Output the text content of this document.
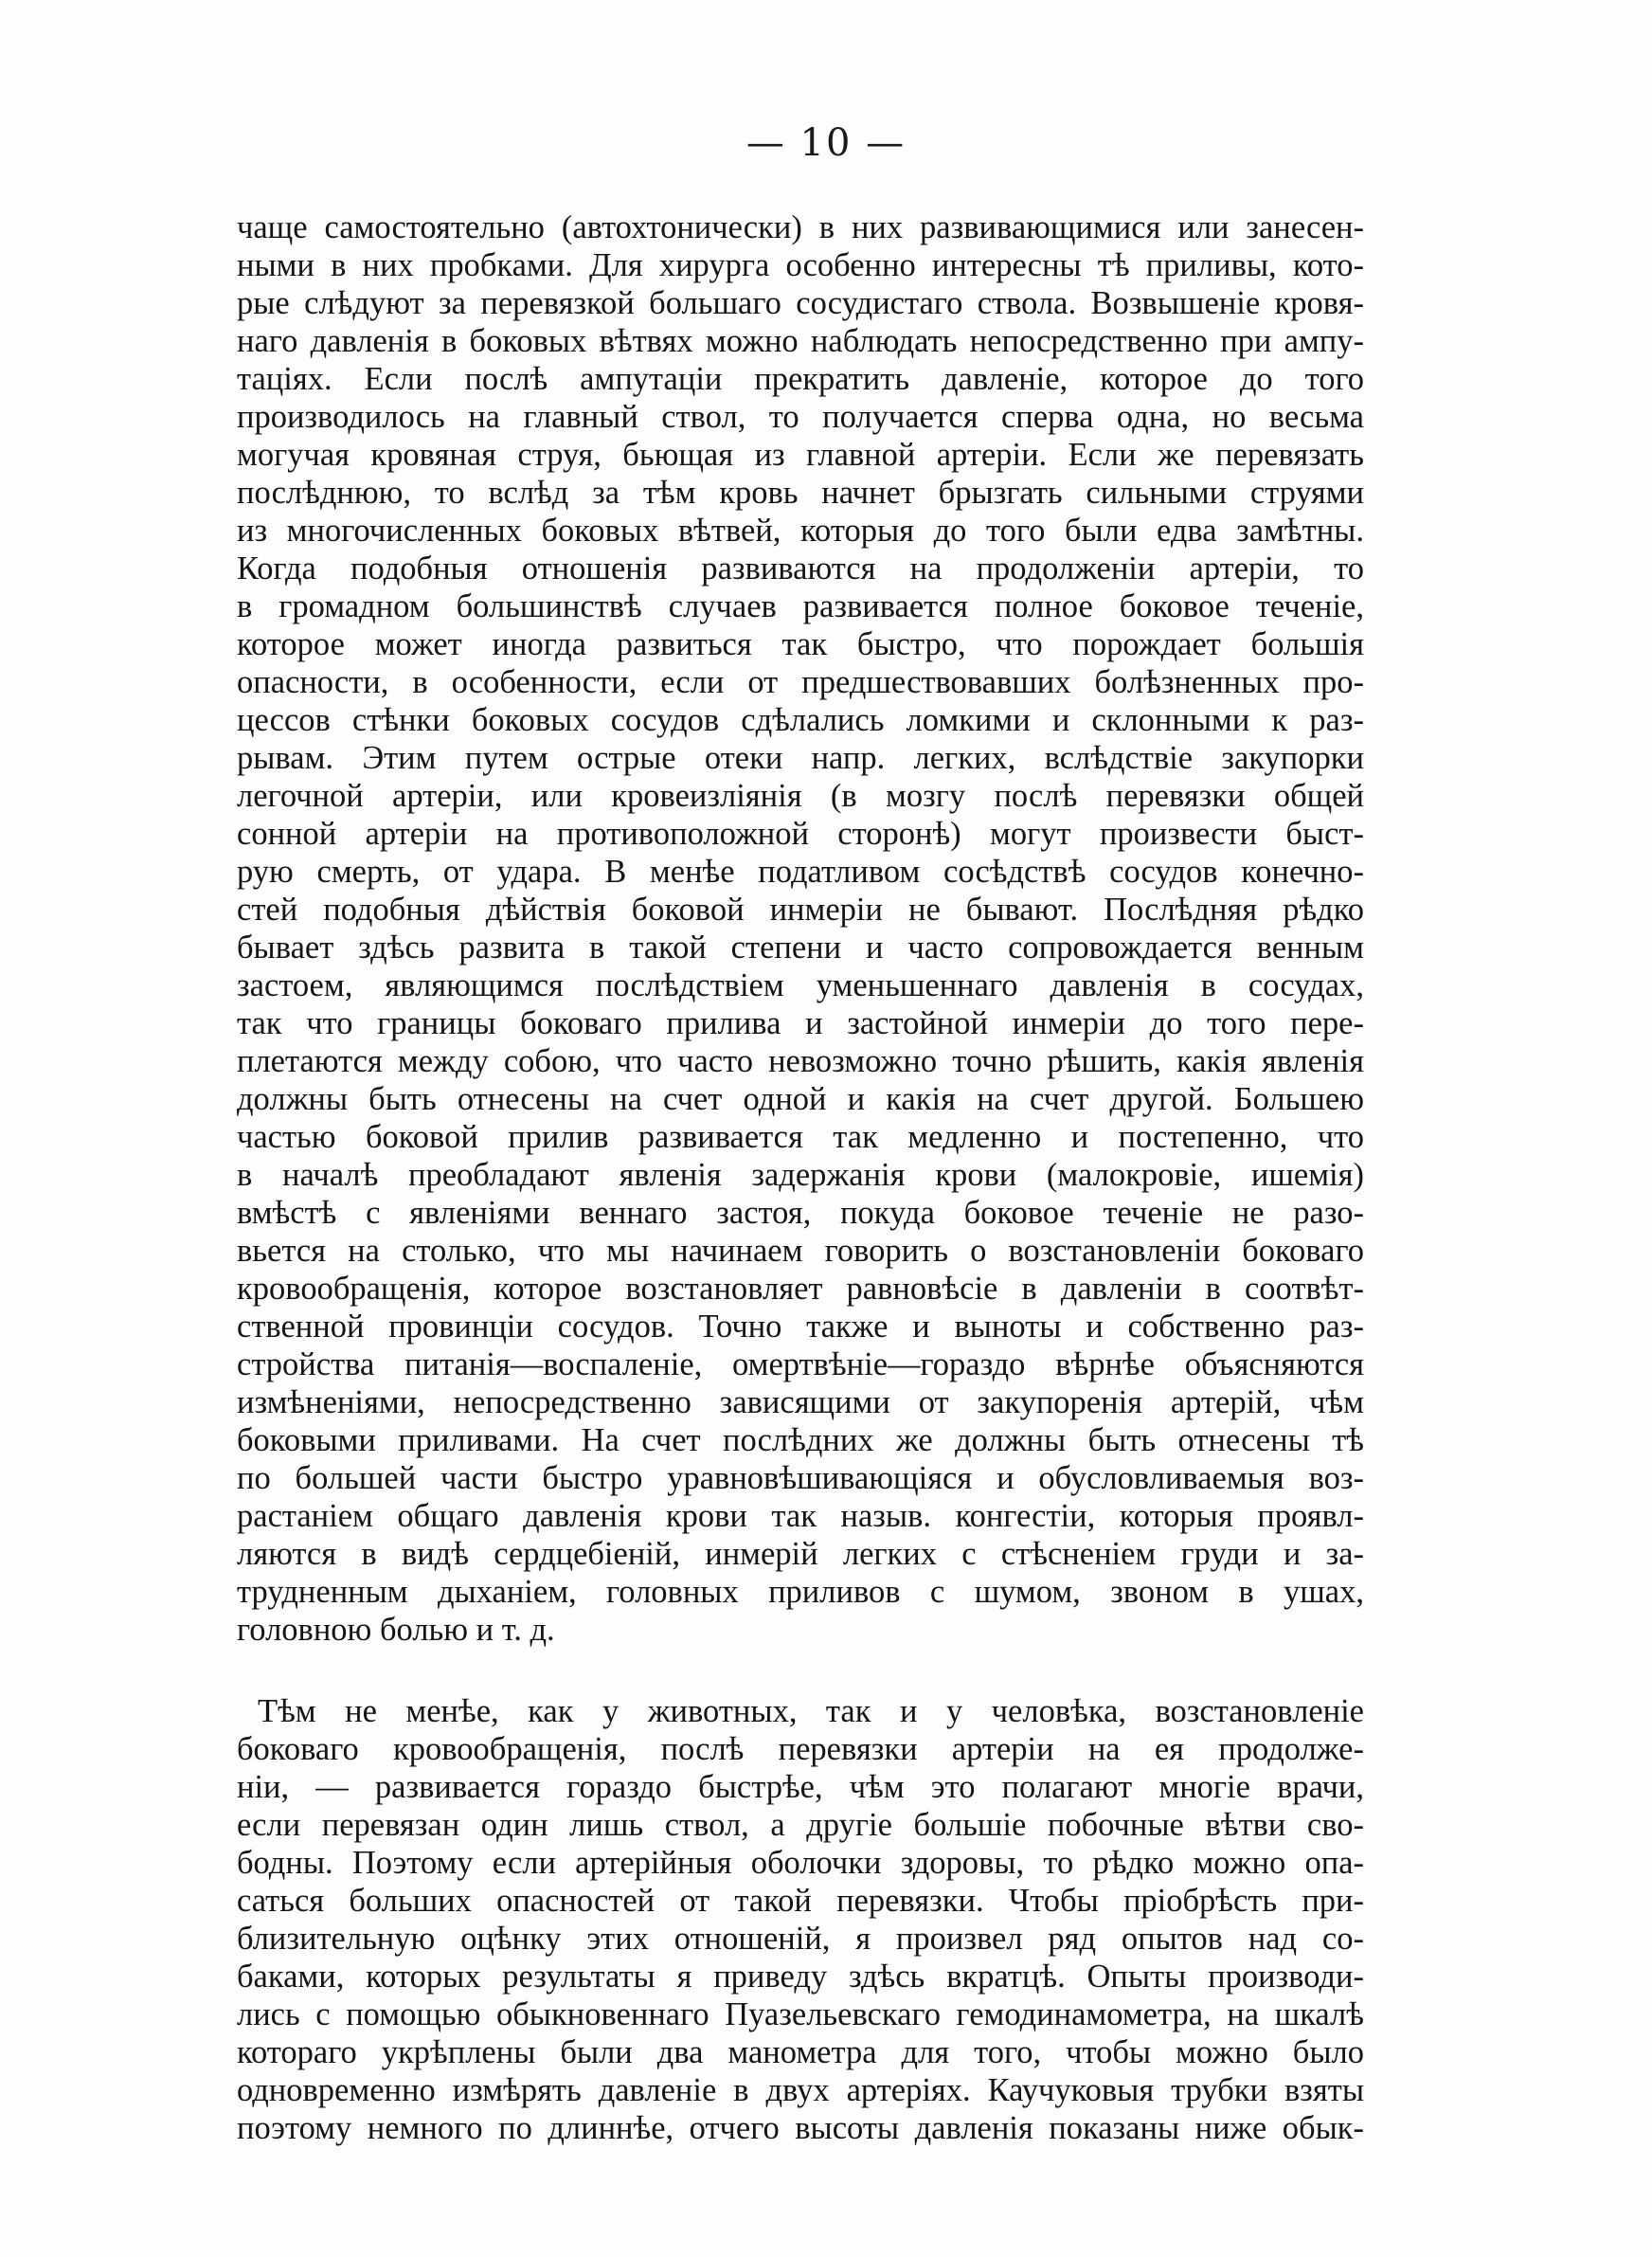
— 10 —
чаще самостоятельно (автохтонически) в них развивающимися или занесен-
ными в них пробками. Для хирурга особенно интересны тѣ приливы, кото-
рые слѣдуют за перевязкой большаго сосудистаго ствола. Возвышеніе кровя-
наго давленія в боковых вѣтвях можно наблюдать непосредственно при ампу-
таціях. Если послѣ ампутаціи прекратить давленіе, которое до того
производилось на главный ствол, то получается сперва одна, но весьма
могучая кровяная струя, бьющая из главной артеріи. Если же перевязать
послѣднюю, то вслѣд за тѣм кровь начнет брызгать сильными струями
из многочисленных боковых вѣтвей, которыя до того были едва замѣтны.
Когда подобныя отношенія развиваются на продолженіи артеріи, то
в громадном большинствѣ случаев развивается полное боковое теченіе,
которое может иногда развиться так быстро, что порождает большія
опасности, в особенности, если от предшествовавших болѣзненных про-
цессов стѣнки боковых сосудов сдѣлались ломкими и склонными к раз-
рывам. Этим путем острые отеки напр. легких, вслѣдствіе закупорки
легочной артеріи, или кровеизліянія (в мозгу послѣ перевязки общей
сонной артеріи на противоположной сторонѣ) могут произвести быст-
рую смерть, от удара. В менѣе податливом сосѣдствѣ сосудов конечно-
стей подобныя дѣйствія боковой инмеріи не бывают. Послѣдняя рѣдко
бывает здѣсь развита в такой степени и часто сопровождается венным
застоем, являющимся послѣдствіем уменьшеннаго давленія в сосудах,
так что границы боковаго прилива и застойной инмеріи до того пере-
плетаются между собою, что часто невозможно точно рѣшить, какія явленія
должны быть отнесены на счет одной и какія на счет другой. Большею
частью боковой прилив развивается так медленно и постепенно, что
в началѣ преобладают явленія задержанія крови (малокровіе, ишемія)
вмѣстѣ с явленіями веннаго застоя, покуда боковое теченіе не разо-
вьется на столько, что мы начинаем говорить о возстановленіи боковаго
кровообращенія, которое возстановляет равновѣсіе в давленіи в соотвѣт-
ственной провинціи сосудов. Точно также и выноты и собственно раз-
стройства питанія—воспаленіе, омертвѣніе—гораздо вѣрнѣе объясняются
измѣненіями, непосредственно зависящими от закупоренія артерій, чѣм
боковыми приливами. На счет послѣдних же должны быть отнесены тѣ
по большей части быстро уравновѣшивающіяся и обусловливаемыя воз-
растаніем общаго давленія крови так назыв. конгестіи, которыя проявл-
ляются в видѣ сердцебіеній, инмерій легких с стѣсненіем груди и за-
трудненным дыханіем, головных приливов с шумом, звоном в ушах,
головною болью и т. д.
Тѣм не менѣе, как у животных, так и у человѣка, возстановленіе
боковаго кровообращенія, послѣ перевязки артеріи на ея продолже-
ніи, — развивается гораздо быстрѣе, чѣм это полагают многіе врачи,
если перевязан один лишь ствол, а другіе большіе побочные вѣтви сво-
бодны. Поэтому если артерійныя оболочки здоровы, то рѣдко можно опа-
саться больших опасностей от такой перевязки. Чтобы пріобрѣсть при-
близительную оцѣнку этих отношеній, я произвел ряд опытов над со-
баками, которых результаты я приведу здѣсь вкратцѣ. Опыты производи-
лись с помощью обыкновеннаго Пуазельевскаго гемодинамометра, на шкалѣ
котораго укрѣплены были два манометра для того, чтобы можно было
одновременно измѣрять давленіе в двух артеріях. Каучуковыя трубки взяты
поэтому немного по длиннѣе, отчего высоты давленія показаны ниже обык-
